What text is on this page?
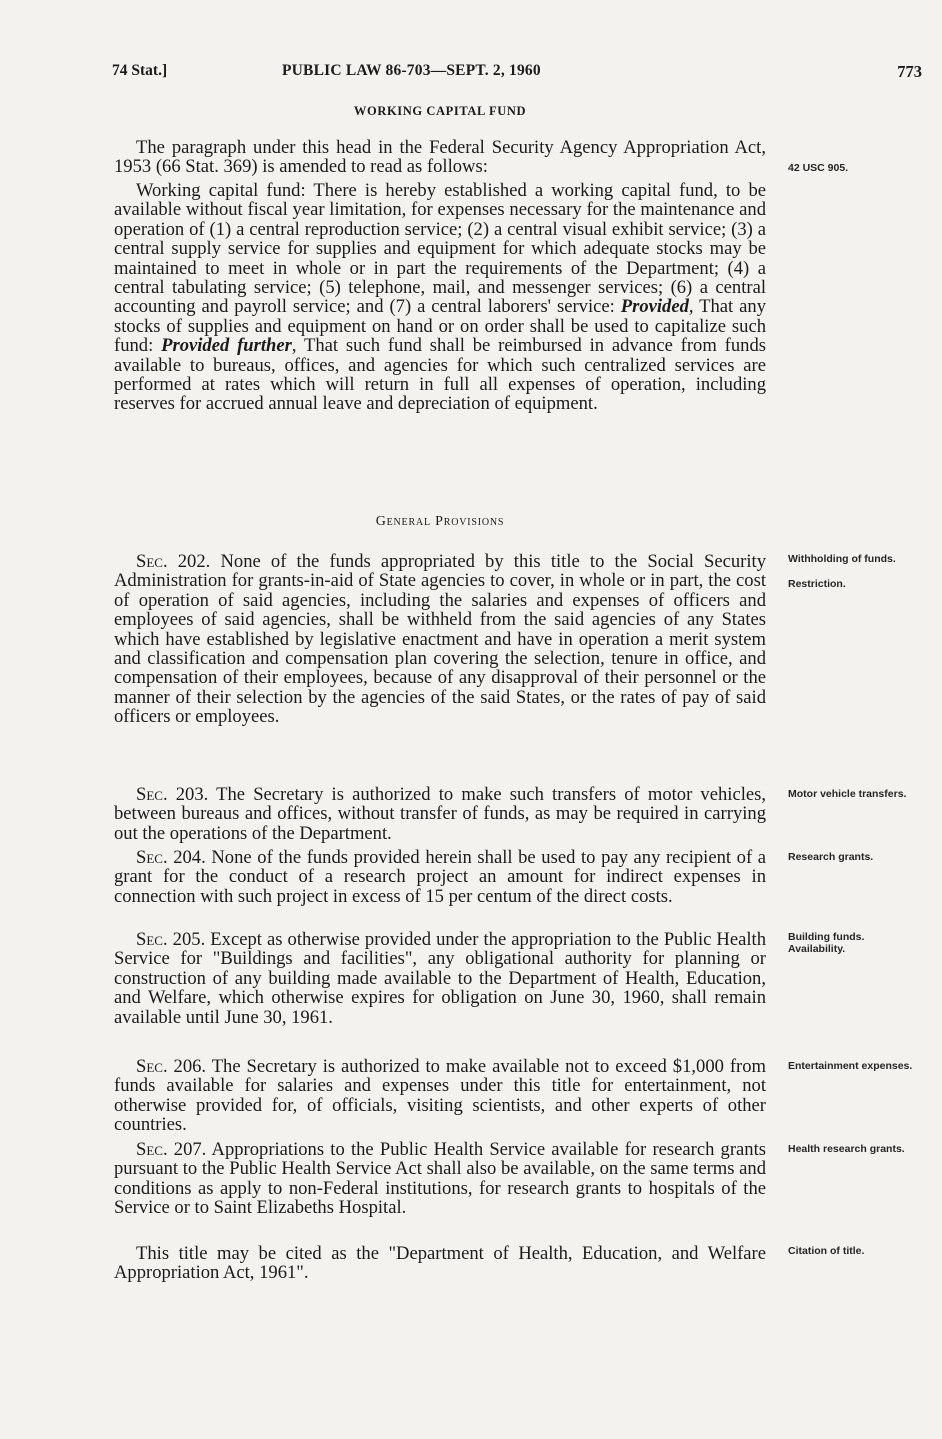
74 Stat.]	PUBLIC LAW 86-703—SEPT. 2, 1960	773
WORKING CAPITAL FUND

The paragraph under this head in the Federal Security Agency Appropriation Act, 1953 (66 Stat. 369) is amended to read as follows:

Working capital fund: There is hereby established a working capital fund, to be available without fiscal year limitation, for expenses necessary for the maintenance and operation of (1) a central reproduction service; (2) a central visual exhibit service; (3) a central supply service for supplies and equipment for which adequate stocks may be maintained to meet in whole or in part the requirements of the Department; (4) a central tabulating service; (5) telephone, mail, and messenger services; (6) a central accounting and payroll service; and (7) a central laborers' service: Provided, That any stocks of supplies and equipment on hand or on order shall be used to capitalize such fund: Provided further, That such fund shall be reimbursed in advance from funds available to bureaus, offices, and agencies for which such centralized services are performed at rates which will return in full all expenses of operation, including reserves for accrued annual leave and depreciation of equipment.

General Provisions

Sec. 202. None of the funds appropriated by this title to the Social Security Administration for grants-in-aid of State agencies to cover, in whole or in part, the cost of operation of said agencies, including the salaries and expenses of officers and employees of said agencies, shall be withheld from the said agencies of any States which have established by legislative enactment and have in operation a merit system and classification and compensation plan covering the selection, tenure in office, and compensation of their employees, because of any disapproval of their personnel or the manner of their selection by the agencies of the said States, or the rates of pay of said officers or employees.

Sec. 203. The Secretary is authorized to make such transfers of motor vehicles, between bureaus and offices, without transfer of funds, as may be required in carrying out the operations of the Department.

Sec. 204. None of the funds provided herein shall be used to pay any recipient of a grant for the conduct of a research project an amount for indirect expenses in connection with such project in excess of 15 per centum of the direct costs.

Sec. 205. Except as otherwise provided under the appropriation to the Public Health Service for "Buildings and facilities", any obligational authority for planning or construction of any building made available to the Department of Health, Education, and Welfare, which otherwise expires for obligation on June 30, 1960, shall remain available until June 30, 1961.

Sec. 206. The Secretary is authorized to make available not to exceed $1,000 from funds available for salaries and expenses under this title for entertainment, not otherwise provided for, of officials, visiting scientists, and other experts of other countries.

Sec. 207. Appropriations to the Public Health Service available for research grants pursuant to the Public Health Service Act shall also be available, on the same terms and conditions as apply to non-Federal institutions, for research grants to hospitals of the Service or to Saint Elizabeths Hospital.

This title may be cited as the "Department of Health, Education, and Welfare Appropriation Act, 1961".

42 USC 905.
Withholding of funds.
Restriction.
Motor vehicle transfers.
Research grants.
Building funds.
Availability.
Entertainment expenses.
Health research grants.
Citation of title.
